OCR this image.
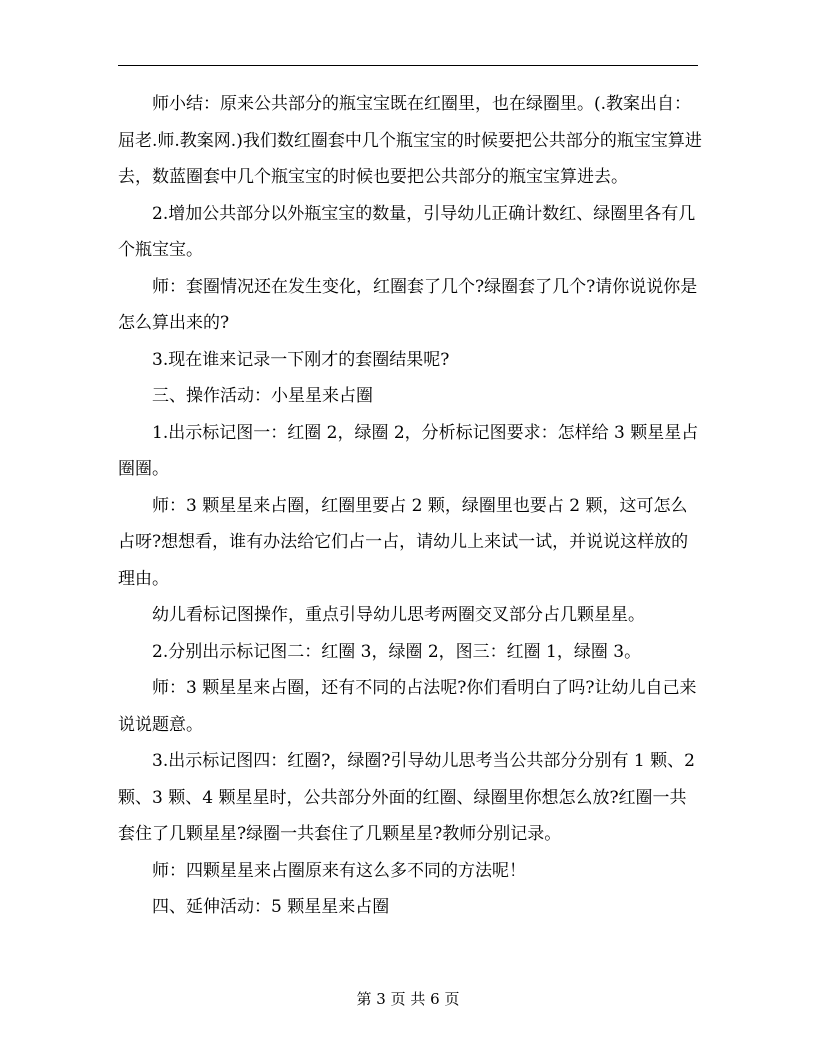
师小结：原来公共部分的瓶宝宝既在红圈里，也在绿圈里。(.教案出自：屈老.师.教案网.)我们数红圈套中几个瓶宝宝的时候要把公共部分的瓶宝宝算进去，数蓝圈套中几个瓶宝宝的时候也要把公共部分的瓶宝宝算进去。

2.增加公共部分以外瓶宝宝的数量，引导幼儿正确计数红、绿圈里各有几个瓶宝宝。

师：套圈情况还在发生变化，红圈套了几个?绿圈套了几个?请你说说你是怎么算出来的?

3.现在谁来记录一下刚才的套圈结果呢?

三、操作活动：小星星来占圈

1.出示标记图一：红圈 2，绿圈 2，分析标记图要求：怎样给 3 颗星星占圈圈。

师：3 颗星星来占圈，红圈里要占 2 颗，绿圈里也要占 2 颗，这可怎么占呀?想想看，谁有办法给它们占一占，请幼儿上来试一试，并说说这样放的理由。

幼儿看标记图操作，重点引导幼儿思考两圈交叉部分占几颗星星。

2.分别出示标记图二：红圈 3，绿圈 2，图三：红圈 1，绿圈 3。

师：3 颗星星来占圈，还有不同的占法呢?你们看明白了吗?让幼儿自己来说说题意。

3.出示标记图四：红圈?，绿圈?引导幼儿思考当公共部分分别有 1 颗、2 颗、3 颗、4 颗星星时，公共部分外面的红圈、绿圈里你想怎么放?红圈一共套住了几颗星星?绿圈一共套住了几颗星星?教师分别记录。

师：四颗星星来占圈原来有这么多不同的方法呢！

四、延伸活动：5 颗星星来占圈

第 3 页 共 6 页
